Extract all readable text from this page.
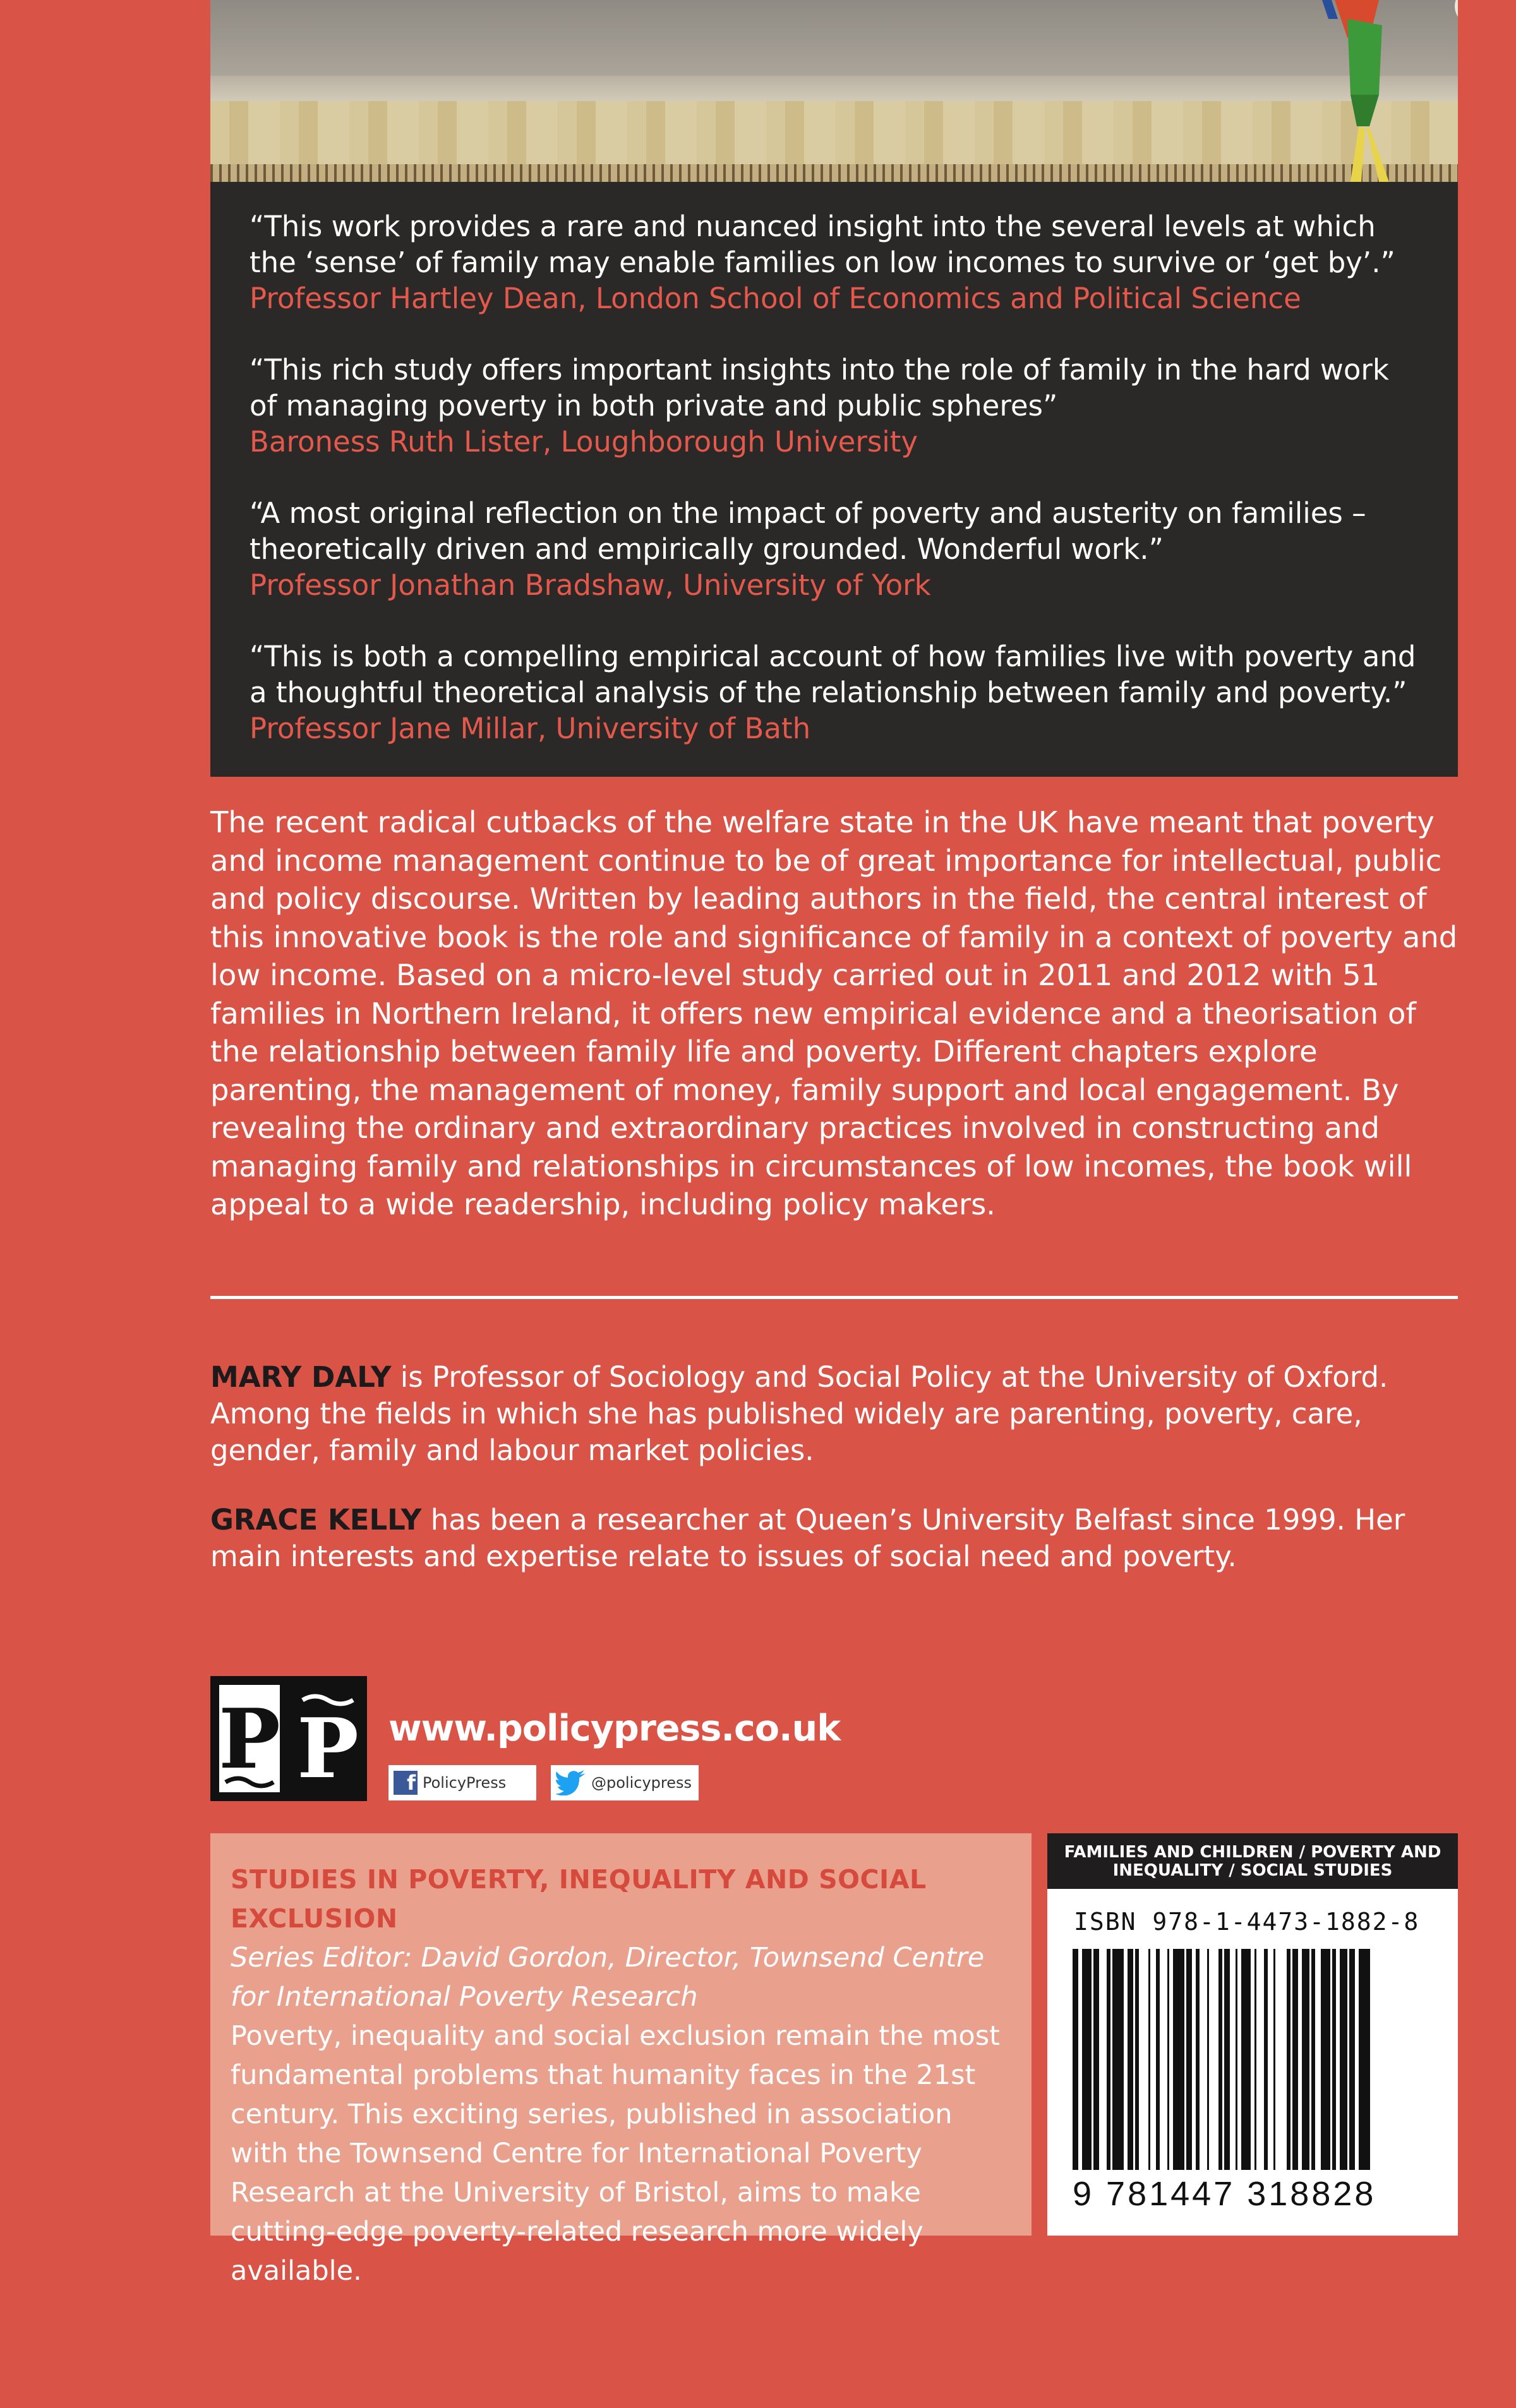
“This work provides a rare and nuanced insight into the several levels at which the ‘sense’ of family may enable families on low incomes to survive or ‘get by’.”

Professor Hartley Dean, London School of Economics and Political Science

“This rich study offers important insights into the role of family in the hard work of managing poverty in both private and public spheres”

Baroness Ruth Lister, Loughborough University

“A most original reflection on the impact of poverty and austerity on families – theoretically driven and empirically grounded. Wonderful work.”

Professor Jonathan Bradshaw, University of York

“This is both a compelling empirical account of how families live with poverty and a thoughtful theoretical analysis of the relationship between family and poverty.”

Professor Jane Millar, University of Bath

The recent radical cutbacks of the welfare state in the UK have meant that poverty and income management continue to be of great importance for intellectual, public and policy discourse. Written by leading authors in the field, the central interest of this innovative book is the role and significance of family in a context of poverty and low income. Based on a micro-level study carried out in 2011 and 2012 with 51 families in Northern Ireland, it offers new empirical evidence and a theorisation of the relationship between family life and poverty. Different chapters explore parenting, the management of money, family support and local engagement. By revealing the ordinary and extraordinary practices involved in constructing and managing family and relationships in circumstances of low incomes, the book will appeal to a wide readership, including policy makers.

MARY DALY is Professor of Sociology and Social Policy at the University of Oxford. Among the fields in which she has published widely are parenting, poverty, care, gender, family and labour market policies.

GRACE KELLY has been a researcher at Queen’s University Belfast since 1999. Her main interests and expertise relate to issues of social need and poverty.

P P www.policypress.co.uk
f PolicyPress	@policypress

STUDIES IN POVERTY, INEQUALITY AND SOCIAL EXCLUSION

Series Editor: David Gordon, Director, Townsend Centre for International Poverty Research

Poverty, inequality and social exclusion remain the most fundamental problems that humanity faces in the 21st century. This exciting series, published in association with the Townsend Centre for International Poverty Research at the University of Bristol, aims to make cutting-edge poverty-related research more widely available.

FAMILIES AND CHILDREN / POVERTY AND INEQUALITY / SOCIAL STUDIES
ISBN 978-1-4473-1882-8
9 781447 318828
